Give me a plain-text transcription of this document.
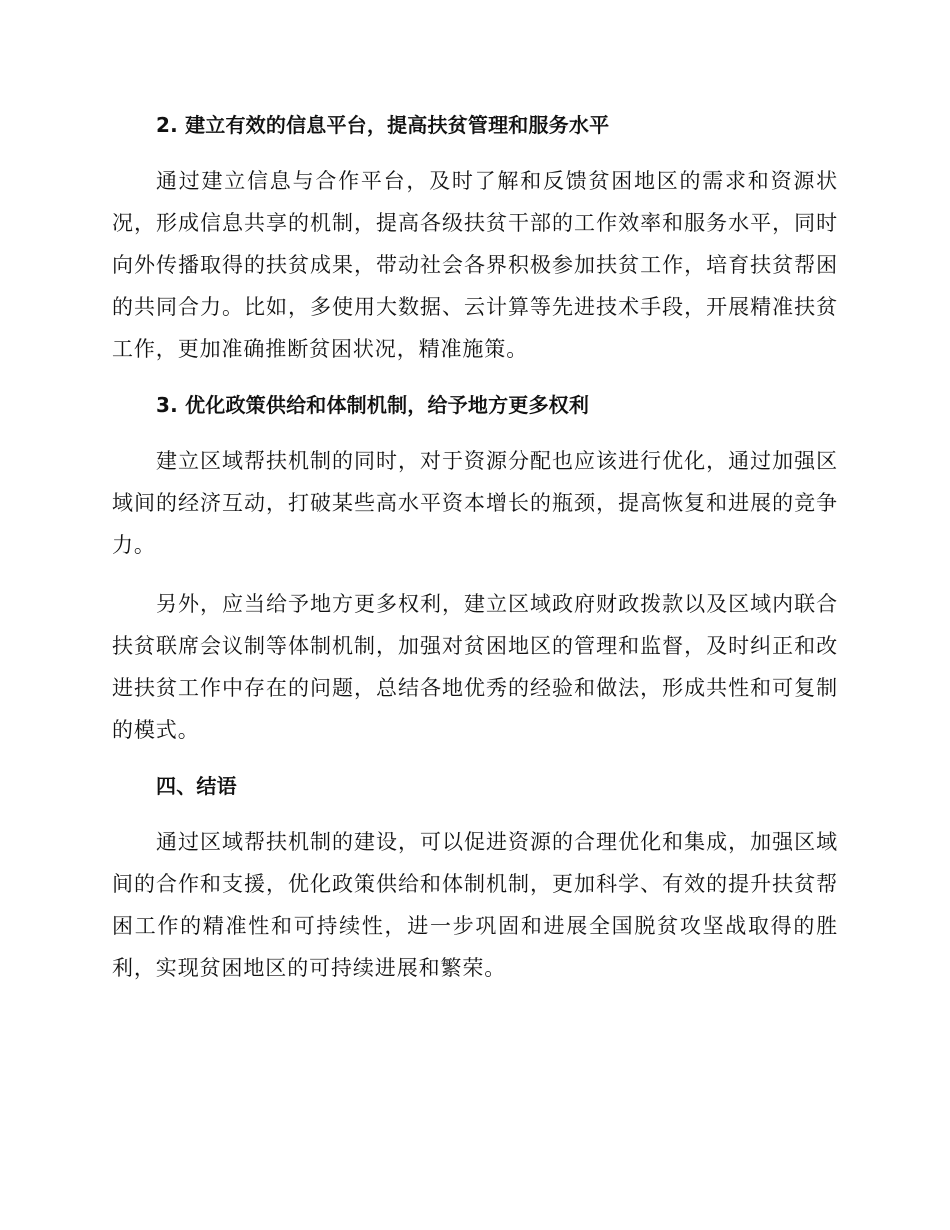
2. 建立有效的信息平台，提高扶贫管理和服务水平

通过建立信息与合作平台，及时了解和反馈贫困地区的需求和资源状况，形成信息共享的机制，提高各级扶贫干部的工作效率和服务水平，同时向外传播取得的扶贫成果，带动社会各界积极参加扶贫工作，培育扶贫帮困的共同合力。比如，多使用大数据、云计算等先进技术手段，开展精准扶贫工作，更加准确推断贫困状况，精准施策。

3. 优化政策供给和体制机制，给予地方更多权利

建立区域帮扶机制的同时，对于资源分配也应该进行优化，通过加强区域间的经济互动，打破某些高水平资本增长的瓶颈，提高恢复和进展的竞争力。

另外，应当给予地方更多权利，建立区域政府财政拨款以及区域内联合扶贫联席会议制等体制机制，加强对贫困地区的管理和监督，及时纠正和改进扶贫工作中存在的问题，总结各地优秀的经验和做法，形成共性和可复制的模式。

四、结语

通过区域帮扶机制的建设，可以促进资源的合理优化和集成，加强区域间的合作和支援，优化政策供给和体制机制，更加科学、有效的提升扶贫帮困工作的精准性和可持续性，进一步巩固和进展全国脱贫攻坚战取得的胜利，实现贫困地区的可持续进展和繁荣。
